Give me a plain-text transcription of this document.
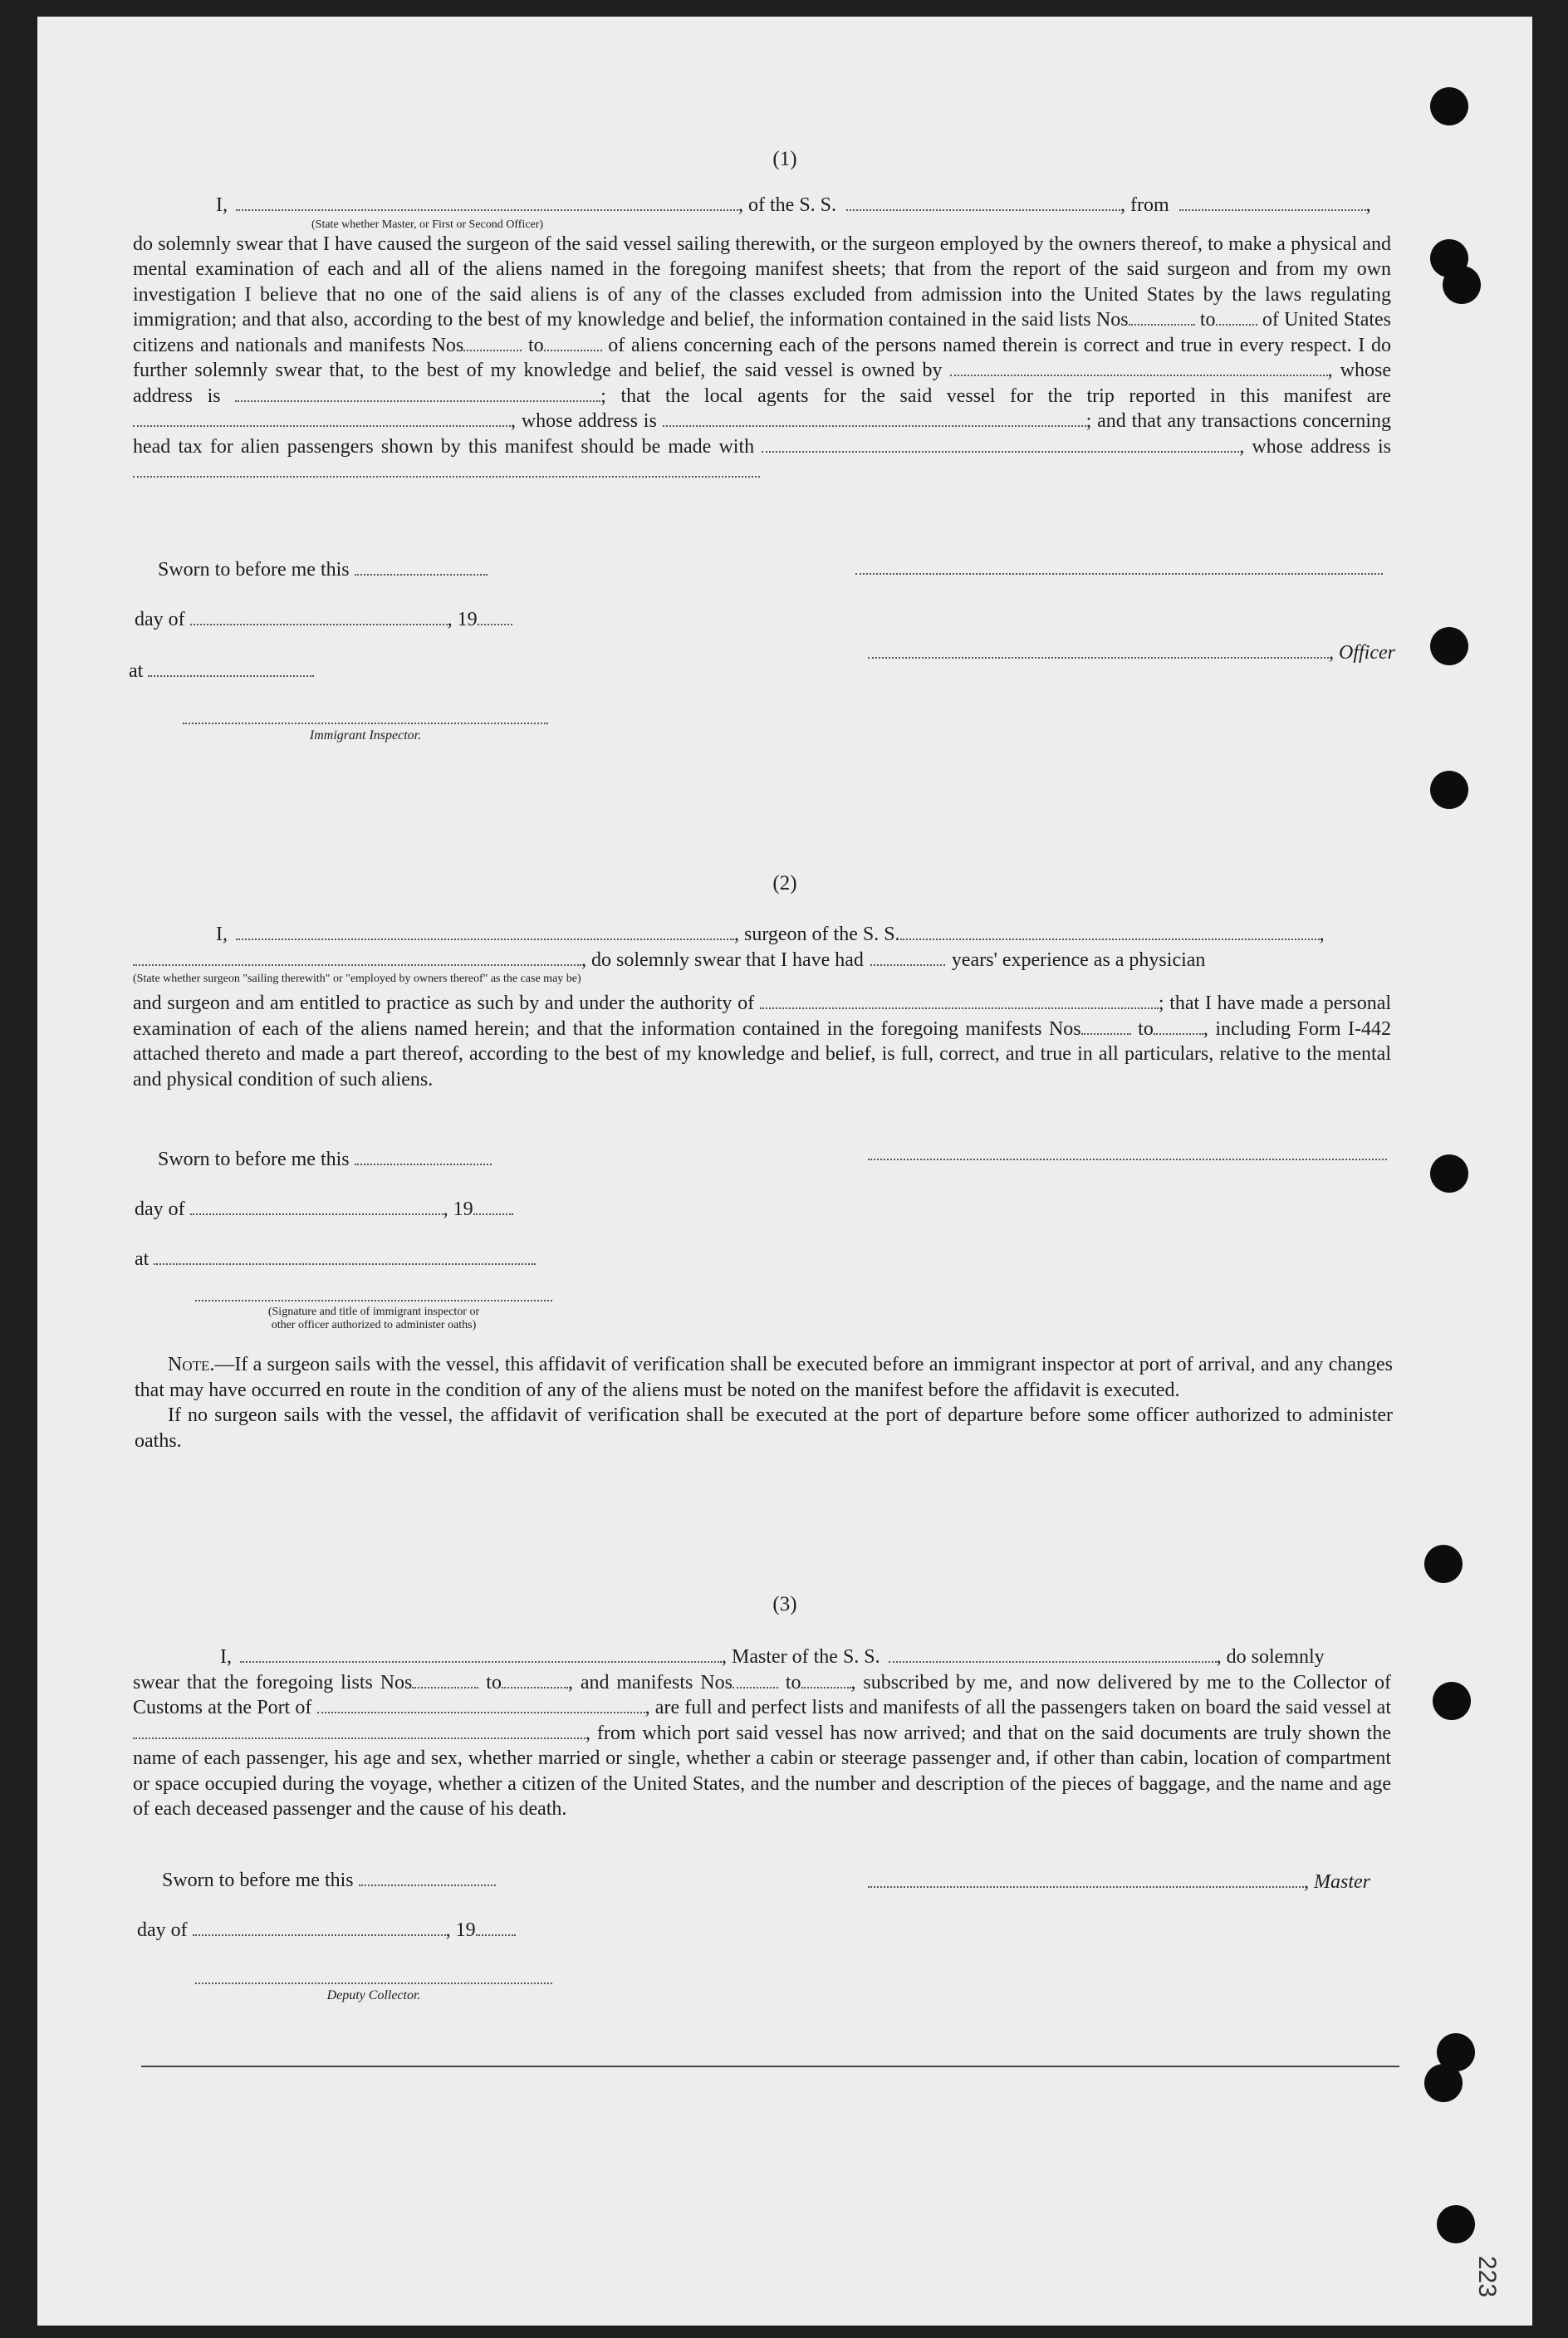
(1)
I,	, of the S. S.	, from	,
(State whether Master, or First or Second Officer)
do solemnly swear that I have caused the surgeon of the said vessel sailing therewith, or the surgeon employed by the owners thereof, to make a physical and mental examination of each and all of the aliens named in the foregoing manifest sheets; that from the report of the said surgeon and from my own investigation I believe that no one of the said aliens is of any of the classes excluded from admission into the United States by the laws regulating immigration; and that also, according to the best of my knowledge and belief, the information contained in the said lists Nos	to of United States citizens and nationals and manifests Nos	to	of aliens concerning each of the persons named therein is correct and true in every respect. I do further solemnly swear that, to the best of my knowledge and belief, the said vessel is owned by	, whose address is	; that the local agents for the said vessel for the trip reported in this manifest are , whose address is	; and that any transactions concerning head tax for alien passengers shown by this manifest should be made with	, whose address is
Sworn to before me this
day of	, 19
at
Immigrant Inspector.
, Officer
(2)
I,	, surgeon of the S. S.	,
, do solemnly swear that I have had	years' experience as a physician
(State whether surgeon "sailing therewith" or "employed by owners thereof" as the case may be)
and surgeon and am entitled to practice as such by and under the authority of	; that I have made a personal examination of each of the aliens named herein; and that the information contained in the foregoing manifests Nos	to	, including Form I-442 attached thereto and made a part thereof, according to the best of my knowledge and belief, is full, correct, and true in all particulars, relative to the mental and physical condition of such aliens.
Sworn to before me this
day of	, 19
at
(Signature and title of immigrant inspector or
other officer authorized to administer oaths)
Note.—If a surgeon sails with the vessel, this affidavit of verification shall be executed before an immigrant inspector at port of arrival, and any changes that may have occurred en route in the condition of any of the aliens must be noted on the manifest before the affidavit is executed.
If no surgeon sails with the vessel, the affidavit of verification shall be executed at the port of departure before some officer authorized to administer oaths.
(3)
I,	, Master of the S. S.	, do solemnly
swear that the foregoing lists Nos	to	, and manifests Nos	to	, subscribed by me, and now delivered by me to the Collector of Customs at the Port of	, are full and perfect lists and manifests of all the passengers taken on board the said vessel at , from which port said vessel has now arrived; and that on the said documents are truly shown the name of each passenger, his age and sex, whether married or single, whether a cabin or steerage passenger and, if other than cabin, location of compartment or space occupied during the voyage, whether a citizen of the United States, and the number and description of the pieces of baggage, and the name and age of each deceased passenger and the cause of his death.
Sworn to before me this
day of	, 19
Deputy Collector.
, Master
223
